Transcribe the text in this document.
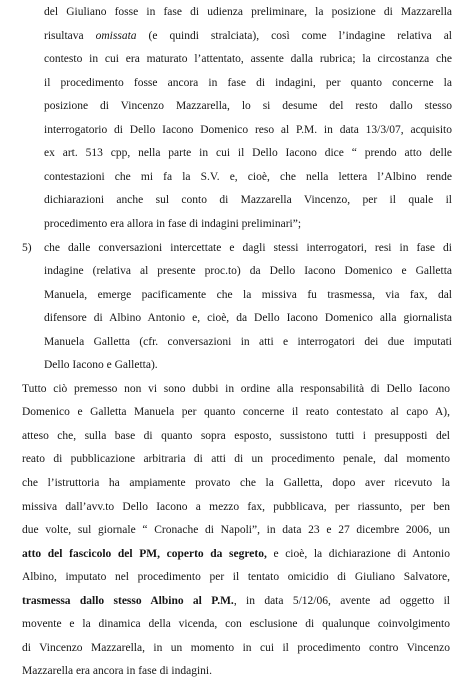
del Giuliano fosse in fase di udienza preliminare, la posizione di Mazzarella
risultava omissata (e quindi stralciata), così come l’indagine relativa al
contesto in cui era maturato l’attentato, assente dalla rubrica; la circostanza che
il procedimento fosse ancora in fase di indagini, per quanto concerne la
posizione di Vincenzo Mazzarella, lo si desume del resto dallo stesso
interrogatorio di Dello Iacono Domenico reso al P.M. in data 13/3/07, acquisito
ex art. 513 cpp, nella parte in cui il Dello Iacono dice “ prendo atto delle
contestazioni che mi fa la S.V. e, cioè, che nella lettera l’Albino rende
dichiarazioni anche sul conto di Mazzarella Vincenzo, per il quale il
procedimento era allora in fase di indagini preliminari”;
5) che dalle conversazioni intercettate e dagli stessi interrogatori, resi in fase di
indagine (relativa al presente proc.to) da Dello Iacono Domenico e Galletta
Manuela, emerge pacificamente che la missiva fu trasmessa, via fax, dal
difensore di Albino Antonio e, cioè, da Dello Iacono Domenico alla giornalista
Manuela Galletta (cfr. conversazioni in atti e interrogatori dei due imputati
Dello Iacono e Galletta).
Tutto ciò premesso non vi sono dubbi in ordine alla responsabilità di Dello Iacono
Domenico e Galletta Manuela per quanto concerne il reato contestato al capo A),
atteso che, sulla base di quanto sopra esposto, sussistono tutti i presupposti del
reato di pubblicazione arbitraria di atti di un procedimento penale, dal momento
che l’istruttoria ha ampiamente provato che la Galletta, dopo aver ricevuto la
missiva dall’avv.to Dello Iacono a mezzo fax, pubblicava, per riassunto, per ben
due volte, sul giornale “ Cronache di Napoli”, in data 23 e 27 dicembre 2006, un
atto del fascicolo del PM, coperto da segreto, e cioè, la dichiarazione di Antonio
Albino, imputato nel procedimento per il tentato omicidio di Giuliano Salvatore,
trasmessa dallo stesso Albino al P.M., in data 5/12/06, avente ad oggetto il
movente e la dinamica della vicenda, con esclusione di qualunque coinvolgimento
di Vincenzo Mazzarella, in un momento in cui il procedimento contro Vincenzo
Mazzarella era ancora in fase di indagini.
